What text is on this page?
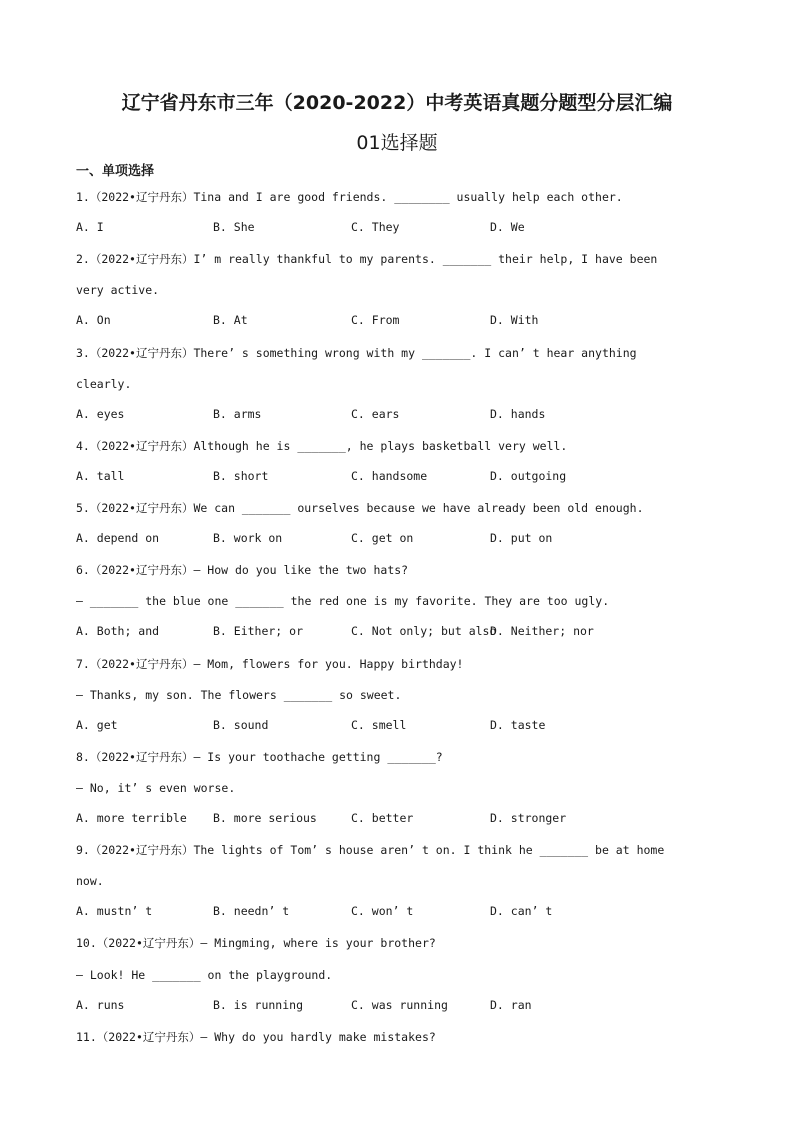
辽宁省丹东市三年（2020-2022）中考英语真题分题型分层汇编
01选择题
一、单项选择
1.（2022•辽宁丹东）Tina and I are good friends. ________ usually help each other.
A. I	B. She	C. They	D. We
2.（2022•辽宁丹东）I’ m really thankful to my parents. _______ their help, I have been
very active.
A. On	B. At	C. From	D. With
3.（2022•辽宁丹东）There’ s something wrong with my _______. I can’ t hear anything
clearly.
A. eyes	B. arms	C. ears	D. hands
4.（2022•辽宁丹东）Although he is _______, he plays basketball very well.
A. tall	B. short	C. handsome	D. outgoing
5.（2022•辽宁丹东）We can _______ ourselves because we have already been old enough.
A. depend on	B. work on	C. get on	D. put on
6.（2022•辽宁丹东）— How do you like the two hats?
— _______ the blue one _______ the red one is my favorite. They are too ugly.
A. Both; and	B. Either; or	C. Not only; but also
D. Neither; nor
7.（2022•辽宁丹东）— Mom, flowers for you. Happy birthday!
— Thanks, my son. The flowers _______ so sweet.
A. get	B. sound	C. smell	D. taste
8.（2022•辽宁丹东）— Is your toothache getting _______?
— No, it’ s even worse.
A. more terrible B. more serious	C. better	D. stronger
9.（2022•辽宁丹东）The lights of Tom’ s house aren’ t on. I think he _______ be at home
now.
A. mustn’ t	B. needn’ t	C. won’ t	D. can’ t
10.（2022•辽宁丹东）— Mingming, where is your brother?
— Look! He _______ on the playground.
A. runs	B. is running	C. was running	D. ran
11.（2022•辽宁丹东）— Why do you hardly make mistakes?
